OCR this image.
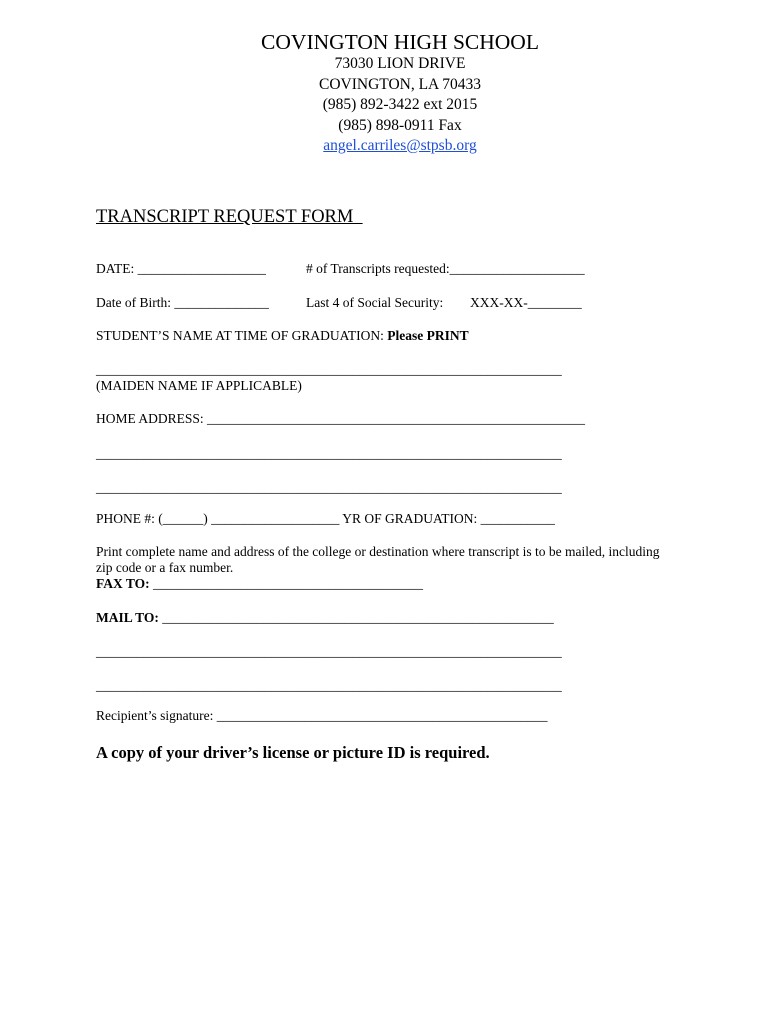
COVINGTON HIGH SCHOOL
73030 LION DRIVE
COVINGTON, LA 70433
(985) 892-3422 ext 2015
(985) 898-0911 Fax
angel.carriles@stpsb.org
TRANSCRIPT REQUEST FORM
DATE: ___________________	# of Transcripts requested:____________________
Date of Birth: ______________	Last 4 of Social Security: XXX-XX-________
STUDENT’S NAME AT TIME OF GRADUATION: Please PRINT
_____________________________________________________________________
(MAIDEN NAME IF APPLICABLE)
HOME ADDRESS: ________________________________________________________
_____________________________________________________________________
_____________________________________________________________________
PHONE #: (______) ___________________ YR OF GRADUATION: ___________
Print complete name and address of the college or destination where transcript is to be mailed, including
zip code or a fax number.
FAX TO: ________________________________________
MAIL TO: __________________________________________________________
_____________________________________________________________________
_____________________________________________________________________
Recipient’s signature: _________________________________________________
A copy of your driver’s license or picture ID is required.
